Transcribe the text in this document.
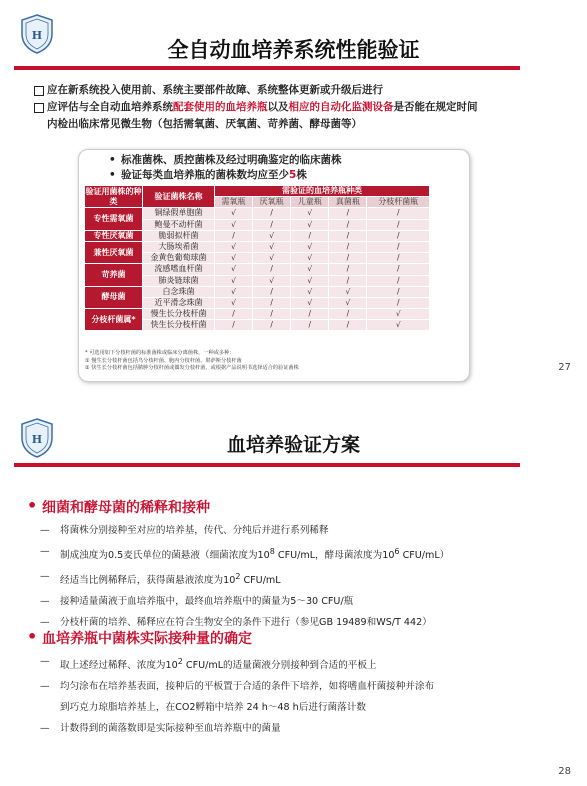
H
全自动血培养系统性能验证
应在新系统投入使用前、系统主要部件故障、系统整体更新或升级后进行
应评估与全自动血培养系统配套使用的血培养瓶以及相应的自动化监测设备是否能在规定时间
内检出临床常见微生物（包括需氧菌、厌氧菌、苛养菌、酵母菌等）
• 标准菌株、质控菌株及经过明确鉴定的临床菌株
• 验证每类血培养瓶的菌株数均应至少5株
验证用菌株的种类	验证菌株名称	需验证的血培养瓶种类				
		需氧瓶	厌氧瓶	儿童瓶	真菌瓶	分枝杆菌瓶
专性需氧菌	铜绿假单胞菌	√	/	√	/	/
	鲍曼不动杆菌	√	/	√	/	/
专性厌氧菌	脆弱拟杆菌	/	√	/	/	/
兼性厌氧菌	大肠埃希菌	√	√	√	/	/
	金黄色葡萄球菌	√	√	√	/	/
苛养菌	流感嗜血杆菌	√	/	√	/	/
	肺炎链球菌	√	√	√	/	/
酵母菌	白念珠菌	√	/	√	√	/
	近平滑念珠菌	√	/	√	√	/
分枝杆菌属*	慢生长分枝杆菌	/	/	/	/	√
	快生长分枝杆菌	/	/	/	/	√
* 可选用如下分枝杆菌的标准菌株或临床分离菌株，一种或多种：
① 慢生长分枝杆菌包括鸟分枝杆菌、胞内分枝杆菌、堪萨斯分枝杆菌
② 快生长分枝杆菌包括脓肿分枝杆菌或偶发分枝杆菌，或根据产品说明书选择适合的验证菌株	27
H	血培养验证方案
• 细菌和酵母菌的稀释和接种
— 将菌株分别接种至对应的培养基，传代、分纯后并进行系列稀释
— 制成浊度为0.5麦氏单位的菌悬液（细菌浓度为$10^8$ CFU/mL，酵母菌浓度为$10^6$ CFU/mL）
— 经适当比例稀释后，获得菌悬液浓度为$10^2$ CFU/mL
— 接种适量菌液于血培养瓶中，最终血培养瓶中的菌量为5～30 CFU/瓶
— 分枝杆菌的培养、稀释应在符合生物安全的条件下进行（参见GB 19489和WS/T 442）
• 血培养瓶中菌株实际接种量的确定
— 取上述经过稀释、浓度为$10^2$ CFU/mL的适量菌液分别接种到合适的平板上
— 均匀涂布在培养基表面，接种后的平板置于合适的条件下培养，如将嗜血杆菌接种并涂布
到巧克力琼脂培养基上，在CO2孵箱中培养 24 h～48 h后进行菌落计数
— 计数得到的菌落数即是实际接种至血培养瓶中的菌量
28
